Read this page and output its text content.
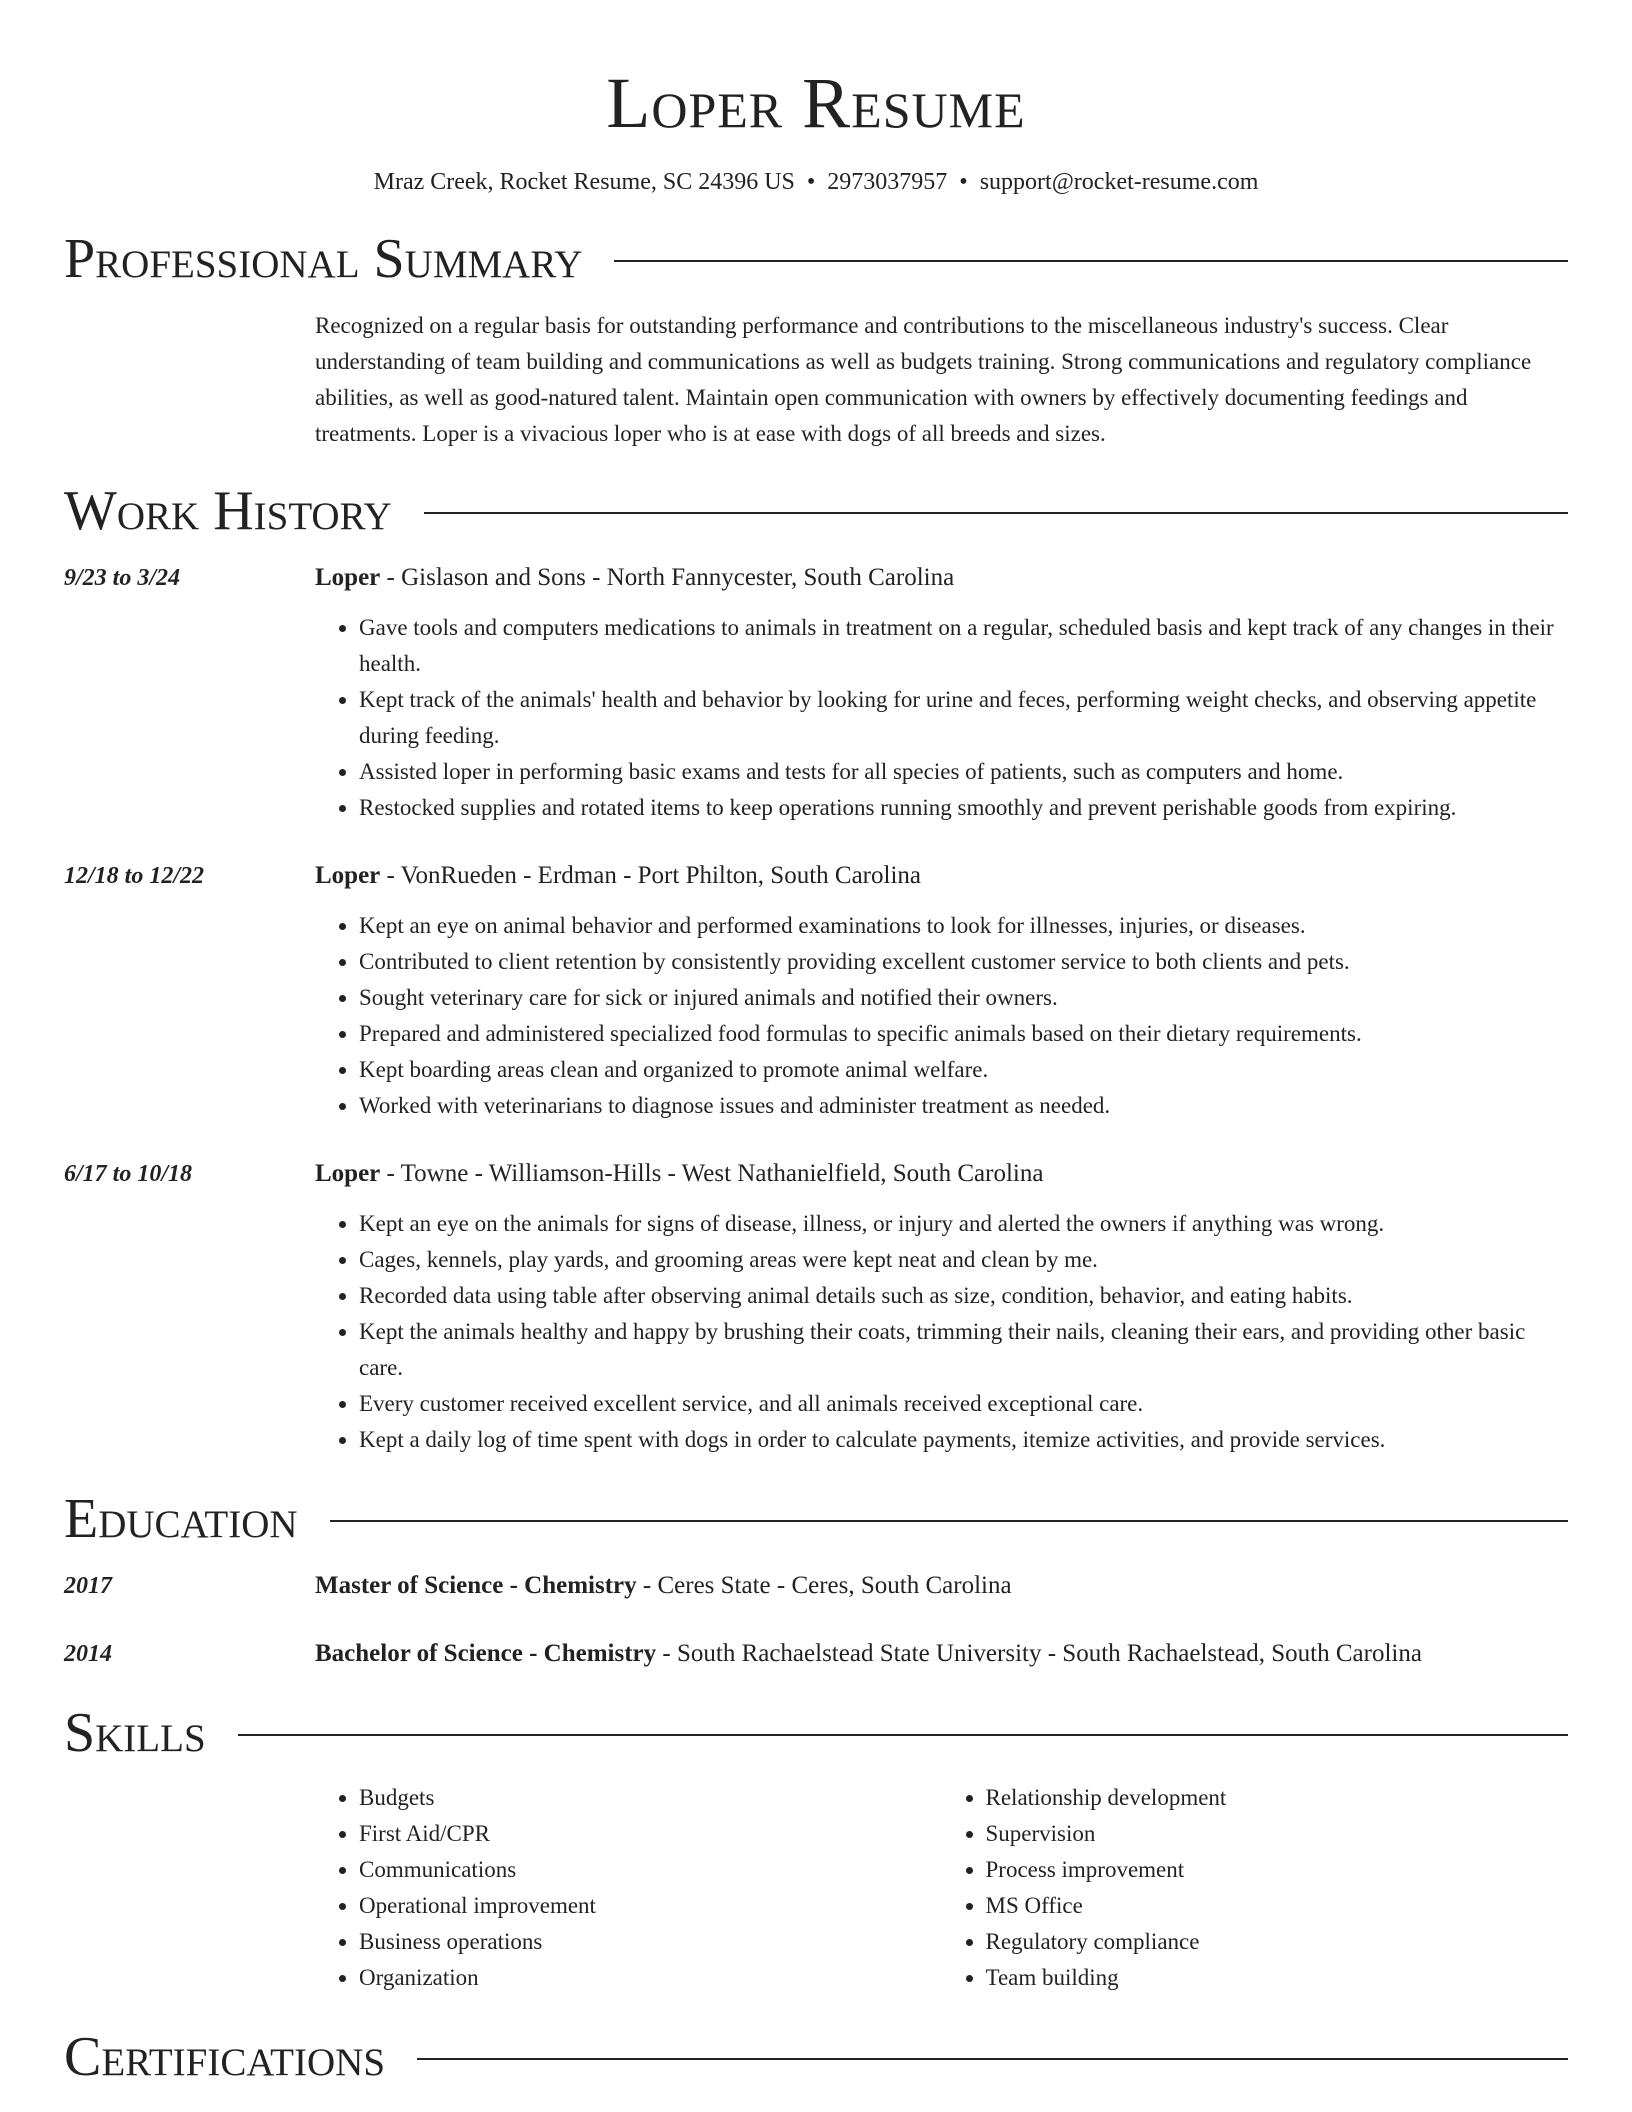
Loper Resume
Mraz Creek, Rocket Resume, SC 24396 US • 2973037957 • support@rocket-resume.com
Professional Summary
Recognized on a regular basis for outstanding performance and contributions to the miscellaneous industry's success. Clear understanding of team building and communications as well as budgets training. Strong communications and regulatory compliance abilities, as well as good-natured talent. Maintain open communication with owners by effectively documenting feedings and treatments. Loper is a vivacious loper who is at ease with dogs of all breeds and sizes.
Work History
9/23 to 3/24	Loper - Gislason and Sons - North Fannycester, South Carolina
• Gave tools and computers medications to animals in treatment on a regular, scheduled basis and kept track of any changes in their health.
• Kept track of the animals' health and behavior by looking for urine and feces, performing weight checks, and observing appetite during feeding.
• Assisted loper in performing basic exams and tests for all species of patients, such as computers and home.
• Restocked supplies and rotated items to keep operations running smoothly and prevent perishable goods from expiring.
12/18 to 12/22	Loper - VonRueden - Erdman - Port Philton, South Carolina
• Kept an eye on animal behavior and performed examinations to look for illnesses, injuries, or diseases.
• Contributed to client retention by consistently providing excellent customer service to both clients and pets.
• Sought veterinary care for sick or injured animals and notified their owners.
• Prepared and administered specialized food formulas to specific animals based on their dietary requirements.
• Kept boarding areas clean and organized to promote animal welfare.
• Worked with veterinarians to diagnose issues and administer treatment as needed.
6/17 to 10/18	Loper - Towne - Williamson-Hills - West Nathanielfield, South Carolina
• Kept an eye on the animals for signs of disease, illness, or injury and alerted the owners if anything was wrong.
• Cages, kennels, play yards, and grooming areas were kept neat and clean by me.
• Recorded data using table after observing animal details such as size, condition, behavior, and eating habits.
• Kept the animals healthy and happy by brushing their coats, trimming their nails, cleaning their ears, and providing other basic care.
• Every customer received excellent service, and all animals received exceptional care.
• Kept a daily log of time spent with dogs in order to calculate payments, itemize activities, and provide services.
Education
2017	Master of Science - Chemistry - Ceres State - Ceres, South Carolina
2014	Bachelor of Science - Chemistry - South Rachaelstead State University - South Rachaelstead, South Carolina
Skills
• Budgets
• First Aid/CPR
• Communications
• Operational improvement
• Business operations
• Organization
• Relationship development
• Supervision
• Process improvement
• MS Office
• Regulatory compliance
• Team building
Certifications
